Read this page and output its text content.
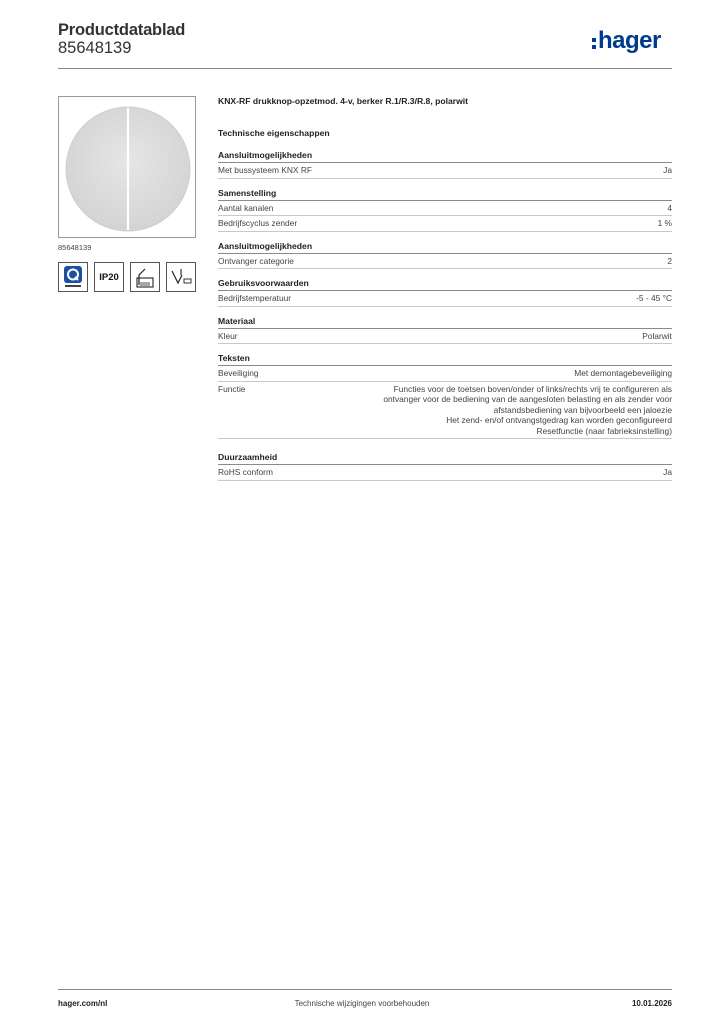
Productdatablad
85648139	hager
85648139
IP20
KNX-RF drukknop-opzetmod. 4-v, berker R.1/R.3/R.8, polarwit
Technische eigenschappen
Aansluitmogelijkheden
Met bussysteem KNX RF	Ja
Samenstelling
Aantal kanalen	4
Bedrijfscyclus zender	1 %
Aansluitmogelijkheden
Ontvanger categorie	2
Gebruiksvoorwaarden
Bedrijfstemperatuur	-5 - 45 °C
Materiaal
Kleur	Polarwit
Teksten
Beveiliging	Met demontagebeveiliging
Functie	Functies voor de toetsen boven/onder of links/rechts vrij te configureren als
ontvanger voor de bediening van de aangesloten belasting en als zender voor
afstandsbediening van bijvoorbeeld een jaloezie
Het zend- en/of ontvangstgedrag kan worden geconfigureerd
Resetfunctie (naar fabrieksinstelling)
Duurzaamheid
RoHS conform	Ja
hager.com/nl	Technische wijzigingen voorbehouden	10.01.2026
